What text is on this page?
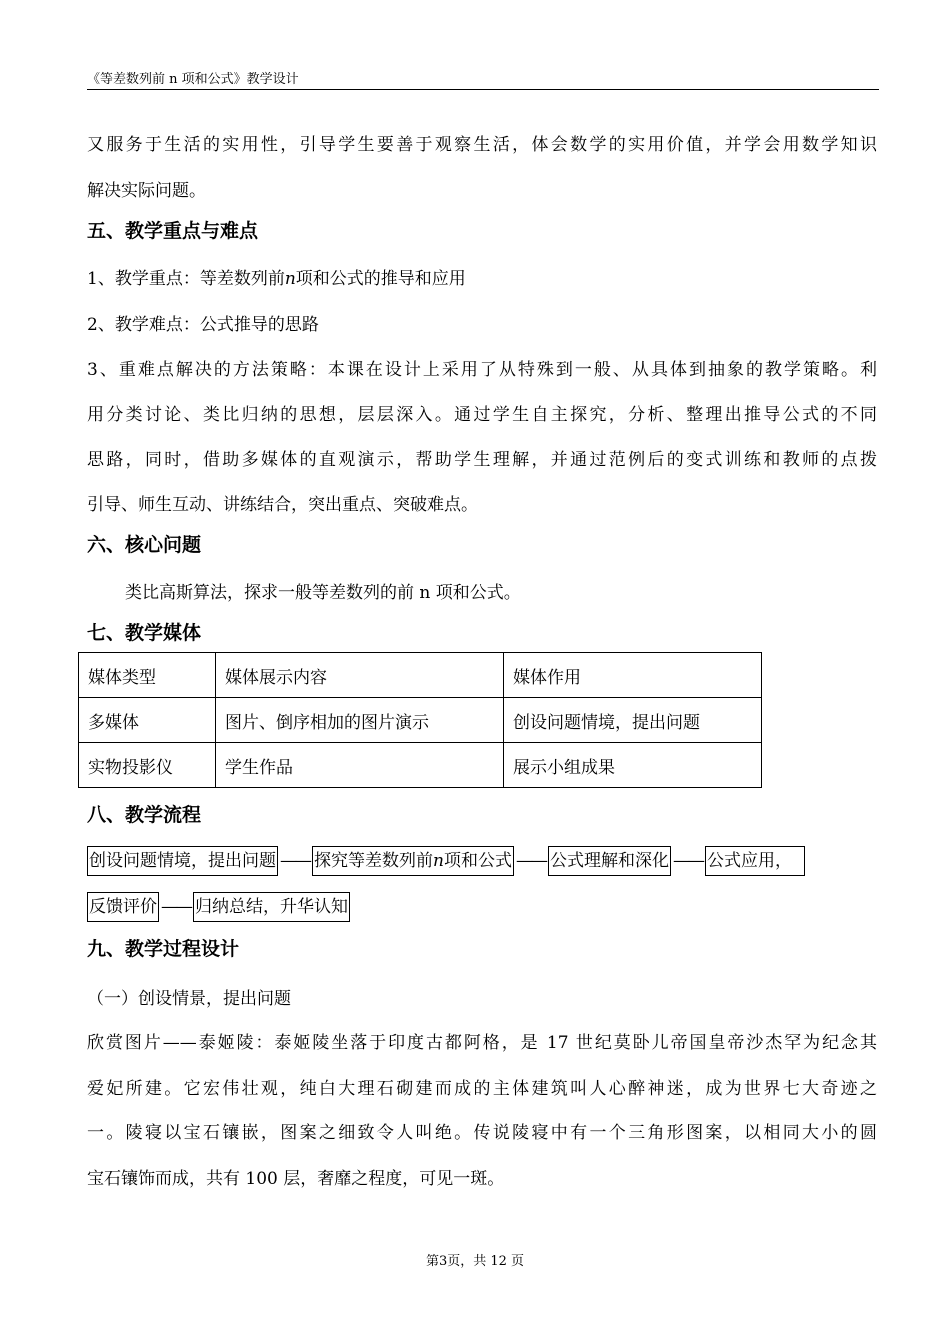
《等差数列前 n 项和公式》教学设计
又服务于生活的实用性，引导学生要善于观察生活，体会数学的实用价值，并学会用数学知识
解决实际问题。
五、教学重点与难点
1、教学重点：等差数列前n项和公式的推导和应用
2、教学难点：公式推导的思路
3、重难点解决的方法策略：本课在设计上采用了从特殊到一般、从具体到抽象的教学策略。利
用分类讨论、类比归纳的思想，层层深入。通过学生自主探究，分析、整理出推导公式的不同
思路，同时，借助多媒体的直观演示，帮助学生理解，并通过范例后的变式训练和教师的点拨
引导、师生互动、讲练结合，突出重点、突破难点。
六、核心问题
类比高斯算法，探求一般等差数列的前 n 项和公式。
七、教学媒体
媒体类型	媒体展示内容	媒体作用
多媒体	图片、倒序相加的图片演示	创设问题情境，提出问题
实物投影仪	学生作品	展示小组成果
八、教学流程
创设问题情境，提出问题 —— 探究等差数列前n项和公式 —— 公式理解和深化 —— 公式应用，
反馈评价 —— 归纳总结，升华认知
九、教学过程设计
（一）创设情景，提出问题
欣赏图片——泰姬陵：泰姬陵坐落于印度古都阿格，是 17 世纪莫卧儿帝国皇帝沙杰罕为纪念其
爱妃所建。它宏伟壮观，纯白大理石砌建而成的主体建筑叫人心醉神迷，成为世界七大奇迹之
一。陵寝以宝石镶嵌，图案之细致令人叫绝。传说陵寝中有一个三角形图案，以相同大小的圆
宝石镶饰而成，共有 100 层，奢靡之程度，可见一斑。
第3页，共 12 页
